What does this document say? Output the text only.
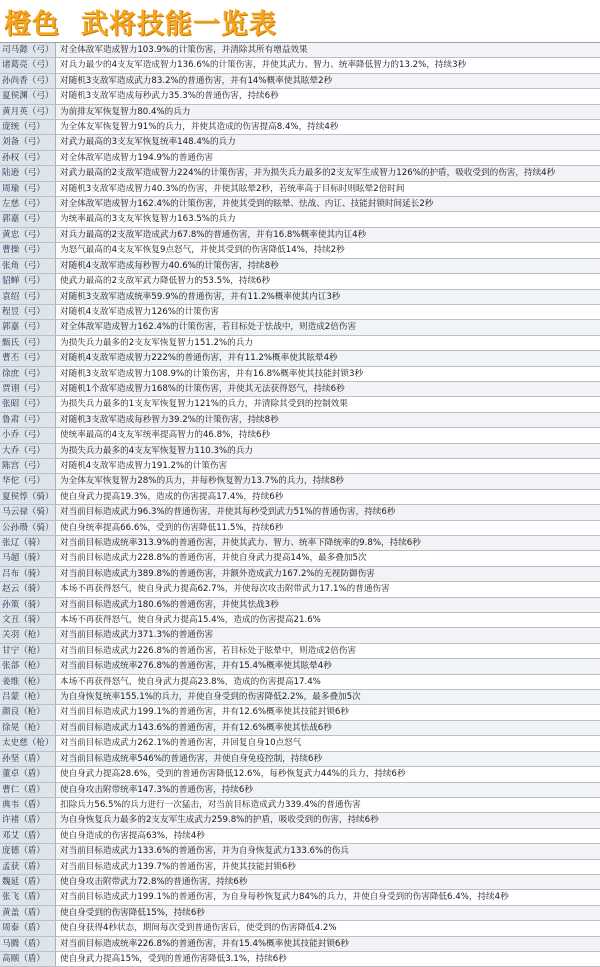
橙色  武将技能一览表
司马懿（弓） 对全体敌军造成智力103.9%的计策伤害，并清除其所有增益效果
诸葛亮（弓） 对兵力最少的4支友军造成智力136.6%的计策伤害，并使其武力、智力、统率降低智力的13.2%，持续3秒
孙尚香（弓） 对随机3支敌军造成武力83.2%的普通伤害，并有14%概率使其眩晕2秒
夏侯渊（弓） 对随机3支敌军造成每秒武力35.3%的普通伤害，持续6秒
黄月英（弓） 为前排友军恢复智力80.4%的兵力
庞统（弓）	为全体友军恢复智力91%的兵力，并使其造成的伤害提高8.4%，持续4秒
刘备（弓）	对武力最高的3支友军恢复统率148.4%的兵力
孙权（弓）	对全体敌军造成智力194.9%的普通伤害
陆逊（弓）	对武力最高的2支敌军造成智力224%的计策伤害，并为损失兵力最多的2支友军生成智力126%的护盾，吸收受到的伤害，持续4秒
周瑜（弓）	对随机3支敌军造成智力40.3%的伤害，并使其眩晕2秒，若统率高于目标时则眩晕2倍时间
左慈（弓）	对全体敌军造成智力162.4%的计策伤害，并使其受到的眩晕、怯战、内讧、技能封锁时间延长2秒
郭嘉（弓）	为统率最高的3支友军恢复智力163.5%的兵力
黄忠（弓）	对兵力最高的2支敌军造成武力67.8%的普通伤害，并有16.8%概率使其内讧4秒
曹操（弓）	为怒气最高的4支友军恢复9点怒气，并使其受到的伤害降低14%，持续2秒
张角（弓）	对随机4支敌军造成每秒智力40.6%的计策伤害，持续8秒
貂蝉（弓）	使武力最高的2支敌军武力降低智力的53.5%，持续6秒
袁绍（弓）	对随机3支敌军造成统率59.9%的普通伤害，并有11.2%概率使其内讧3秒
程昱（弓）	对随机4支敌军造成智力126%的计策伤害
郭嘉（弓）	对全体敌军造成智力162.4%的计策伤害，若目标处于怯战中，则造成2倍伤害
甄氏（弓）	为损失兵力最多的2支友军恢复智力151.2%的兵力
曹丕（弓）	对随机4支敌军造成智力222%的普通伤害，并有11.2%概率使其眩晕4秒
徐庶（弓）	对随机3支敌军造成智力108.9%的计策伤害，并有16.8%概率使其技能封锁3秒
贾诩（弓）	对随机1个敌军造成智力168%的计策伤害，并使其无法获得怒气，持续6秒
张昭（弓）	为损失兵力最多的1支友军恢复智力121%的兵力，并清除其受到的控制效果
鲁肃（弓）	对随机3支敌军造成每秒智力39.2%的计策伤害，持续8秒
小乔（弓）	使统率最高的4支友军统率提高智力的46.8%，持续6秒
大乔（弓）	为损失兵力最多的4支友军恢复智力110.3%的兵力
陈宫（弓）	对随机4支敌军造成智力191.2%的计策伤害
华佗（弓）	为全体友军恢复智力28%的兵力，并每秒恢复智力13.7%的兵力，持续8秒
夏侯惇（骑） 使自身武力提高19.3%，造成的伤害提高17.4%，持续6秒
马云禄（骑） 对当前目标造成武力96.3%的普通伤害，并使其每秒受到武力51%的普通伤害，持续6秒
公孙瓒（骑） 使自身统率提高66.6%，受到的伤害降低11.5%，持续6秒
张辽（骑）	对当前目标造成统率313.9%的普通伤害，并使其武力、智力、统率下降统率的9.8%，持续6秒
马超（骑）	对当前目标造成武力228.8%的普通伤害，并使自身武力提高14%，最多叠加5次
吕布（骑）	对当前目标造成武力389.8%的普通伤害，并额外造成武力167.2%的无视防御伤害
赵云（骑）	本场不再获得怒气，使自身武力提高62.7%，并使每次攻击附带武力17.1%的普通伤害
孙策（骑）	对当前目标造成武力180.6%的普通伤害，并使其怯战3秒
文丑（骑）	本场不再获得怒气，使自身武力提高15.4%，造成的伤害提高21.6%
关羽（枪）	对当前目标造成武力371.3%的普通伤害
甘宁（枪）	对当前目标造成武力226.8%的普通伤害，若目标处于眩晕中，则造成2倍伤害
张郃（枪）	对当前目标造成统率276.8%的普通伤害，并有15.4%概率使其眩晕4秒
姜维（枪）	本场不再获得怒气，使自身武力提高23.8%，造成的伤害提高17.4%
吕蒙（枪）	为自身恢复统率155.1%的兵力，并使自身受到的伤害降低2.2%，最多叠加5次
颜良（枪）	对当前目标造成武力199.1%的普通伤害，并有12.6%概率使其技能封锁6秒
徐晃（枪）	对当前目标造成武力143.6%的普通伤害，并有12.6%概率使其怯战6秒
太史慈（枪） 对当前目标造成武力262.1%的普通伤害，并回复自身10点怒气
孙坚（盾）	对当前目标造成统率546%的普通伤害，并使自身免疫控制，持续6秒
董卓（盾）	使自身武力提高28.6%，受到的普通伤害降低12.6%，每秒恢复武力44%的兵力，持续6秒
曹仁（盾）	使自身攻击附带统率147.3%的普通伤害，持续6秒
典韦（盾）	扣除兵力56.5%的兵力进行一次猛击，对当前目标造成武力339.4%的普通伤害
许褚（盾）	为自身恢复兵力最多的2支友军生成武力259.8%的护盾，吸收受到的伤害，持续6秒
邓艾（盾）	使自身造成的伤害提高63%，持续4秒
庞德（盾）	对当前目标造成武力133.6%的普通伤害，并为自身恢复武力133.6%的伤兵
孟获（盾）	对当前目标造成武力139.7%的普通伤害，并使其技能封锁6秒
魏延（盾）	使自身攻击附带武力72.8%的普通伤害，持续6秒
张飞（盾）	对当前目标造成武力199.1%的普通伤害，为自身每秒恢复武力84%的兵力，并使自身受到的伤害降低6.4%，持续4秒
黄盖（盾）	使自身受到的伤害降低15%，持续6秒
周泰（盾）	使自身获得4秒状态，期间每次受到普通伤害后，使受到的伤害降低4.2%
马腾（盾）	对当前目标造成统率226.8%的普通伤害，并有15.4%概率使其技能封锁6秒
高顺（盾）	使自身武力提高15%，受到的普通伤害降低3.1%，持续6秒
